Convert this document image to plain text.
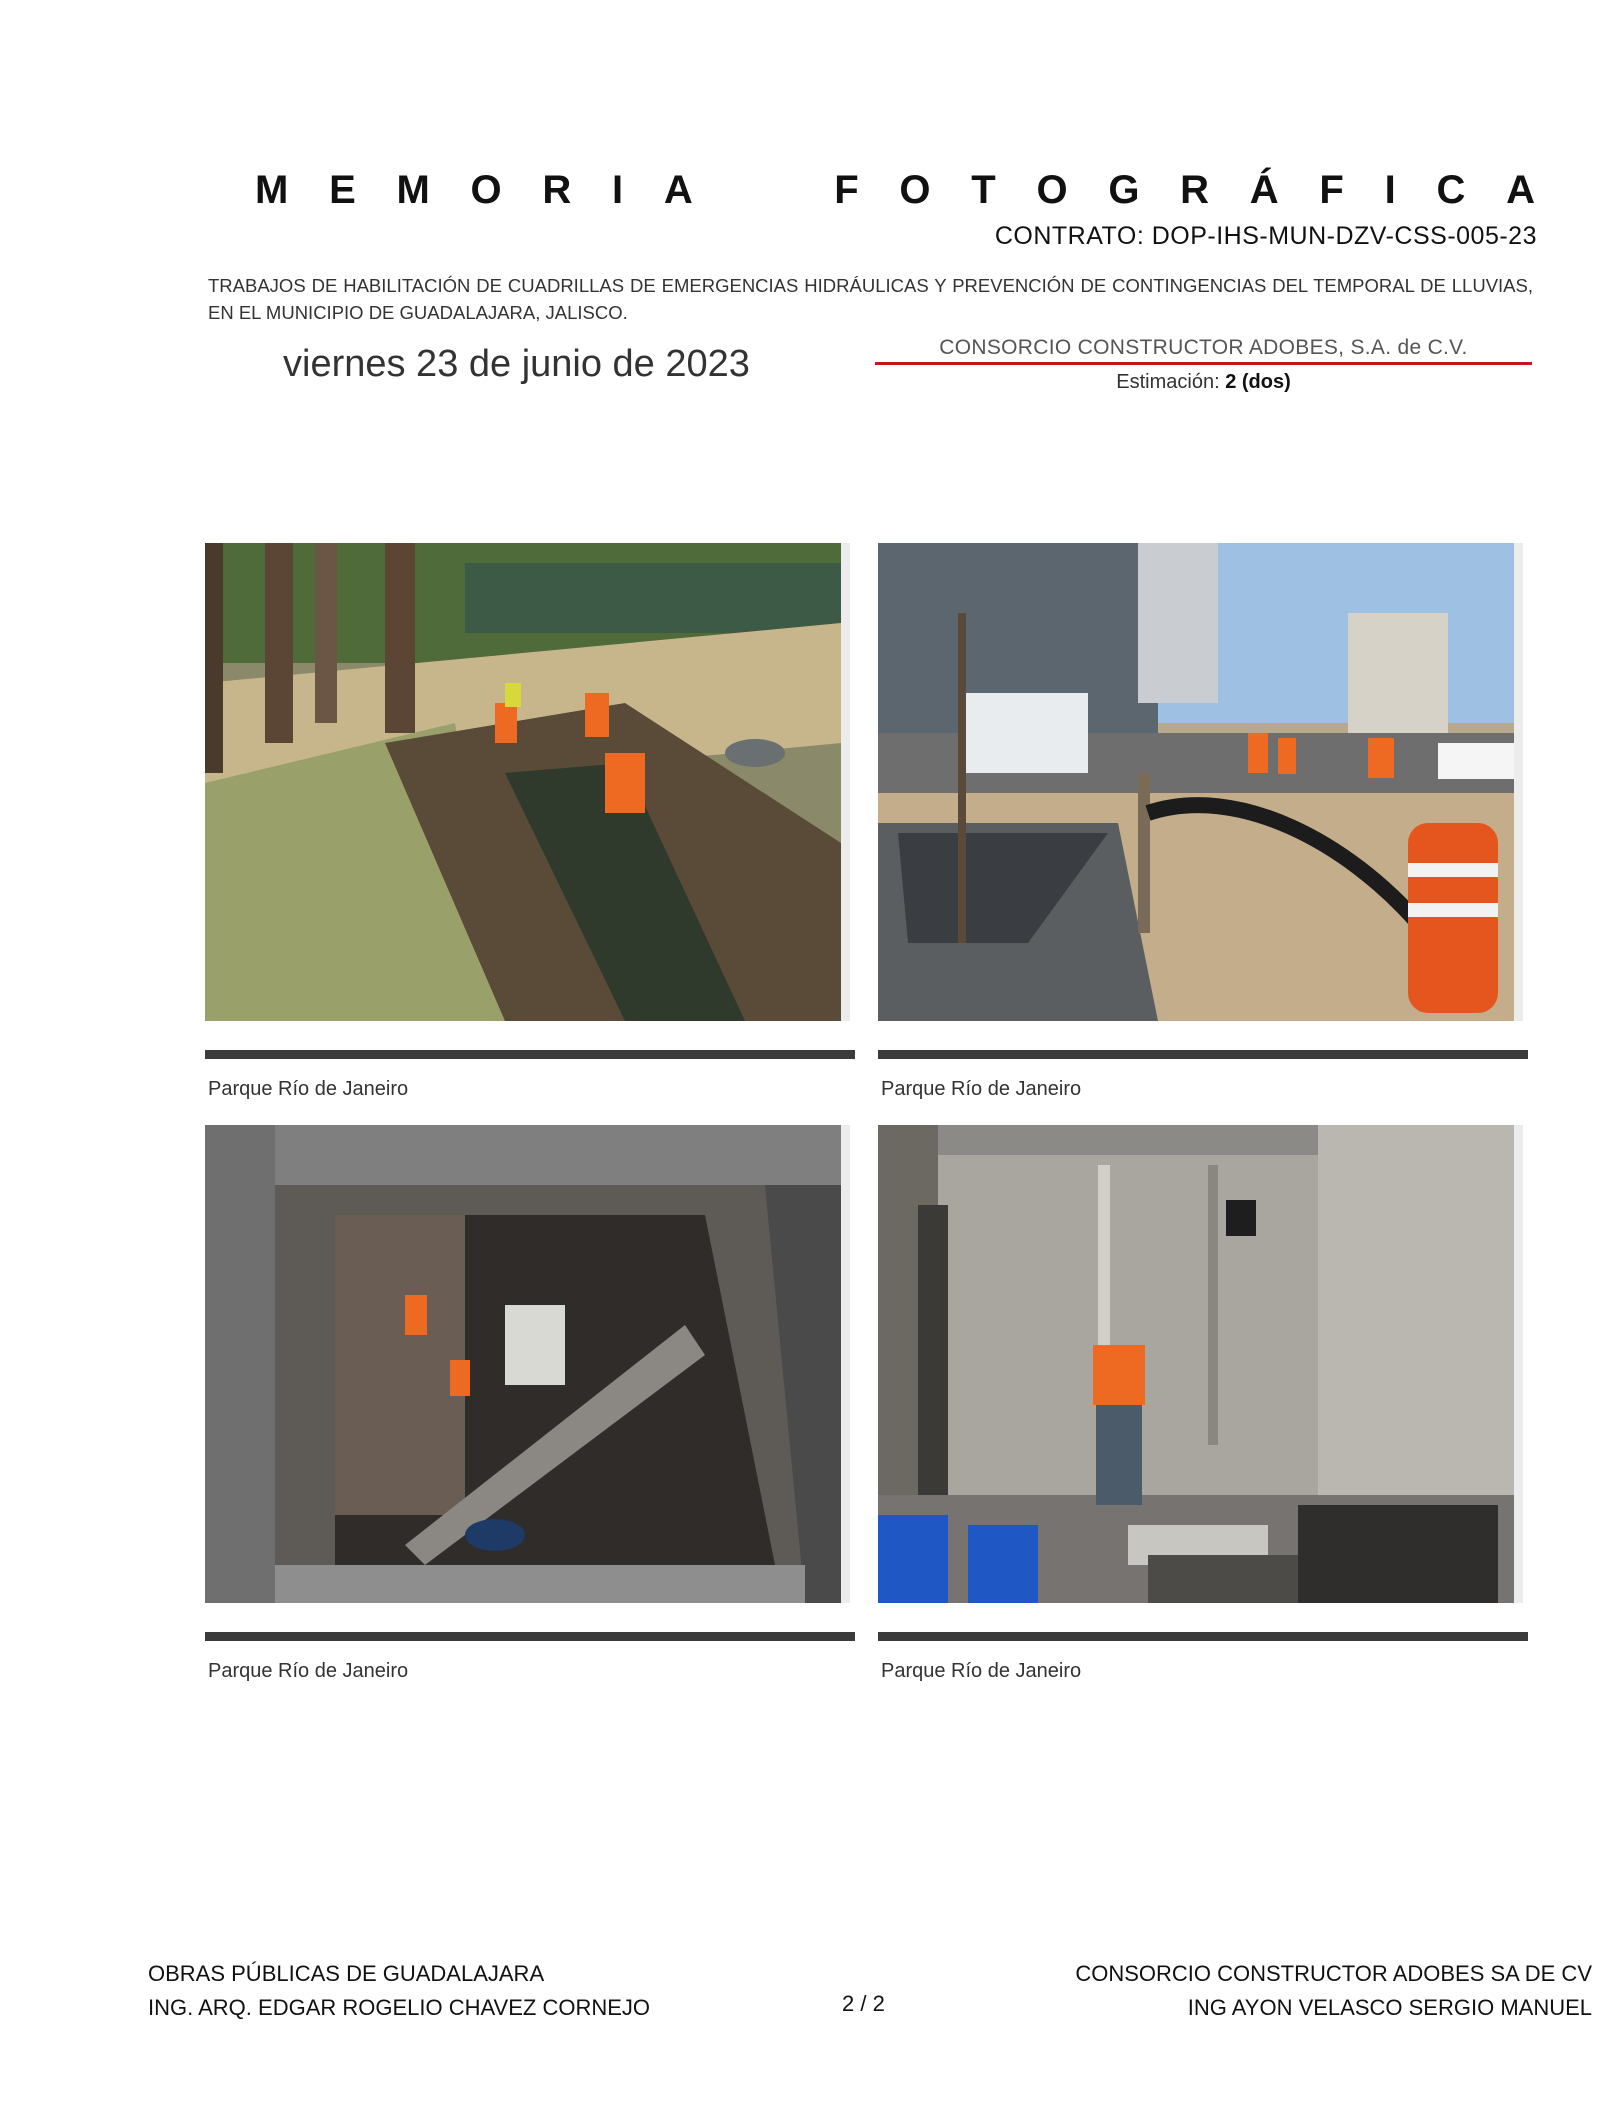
M E M O R I A	F O T O G R Á F I C A
CONTRATO: DOP-IHS-MUN-DZV-CSS-005-23
TRABAJOS DE HABILITACIÓN DE CUADRILLAS DE EMERGENCIAS HIDRÁULICAS Y PREVENCIÓN DE CONTINGENCIAS DEL TEMPORAL DE LLUVIAS, EN EL MUNICIPIO DE GUADALAJARA, JALISCO.
viernes 23 de junio de 2023	CONSORCIO CONSTRUCTOR ADOBES, S.A. de C.V.
Estimación: 2 (dos)
Parque Río de Janeiro	Parque Río de Janeiro
Parque Río de Janeiro	Parque Río de Janeiro
OBRAS PÚBLICAS DE GUADALAJARA
ING. ARQ. EDGAR ROGELIO CHAVEZ CORNEJO	2 / 2
CONSORCIO CONSTRUCTOR ADOBES SA DE CV
ING AYON VELASCO SERGIO MANUEL
